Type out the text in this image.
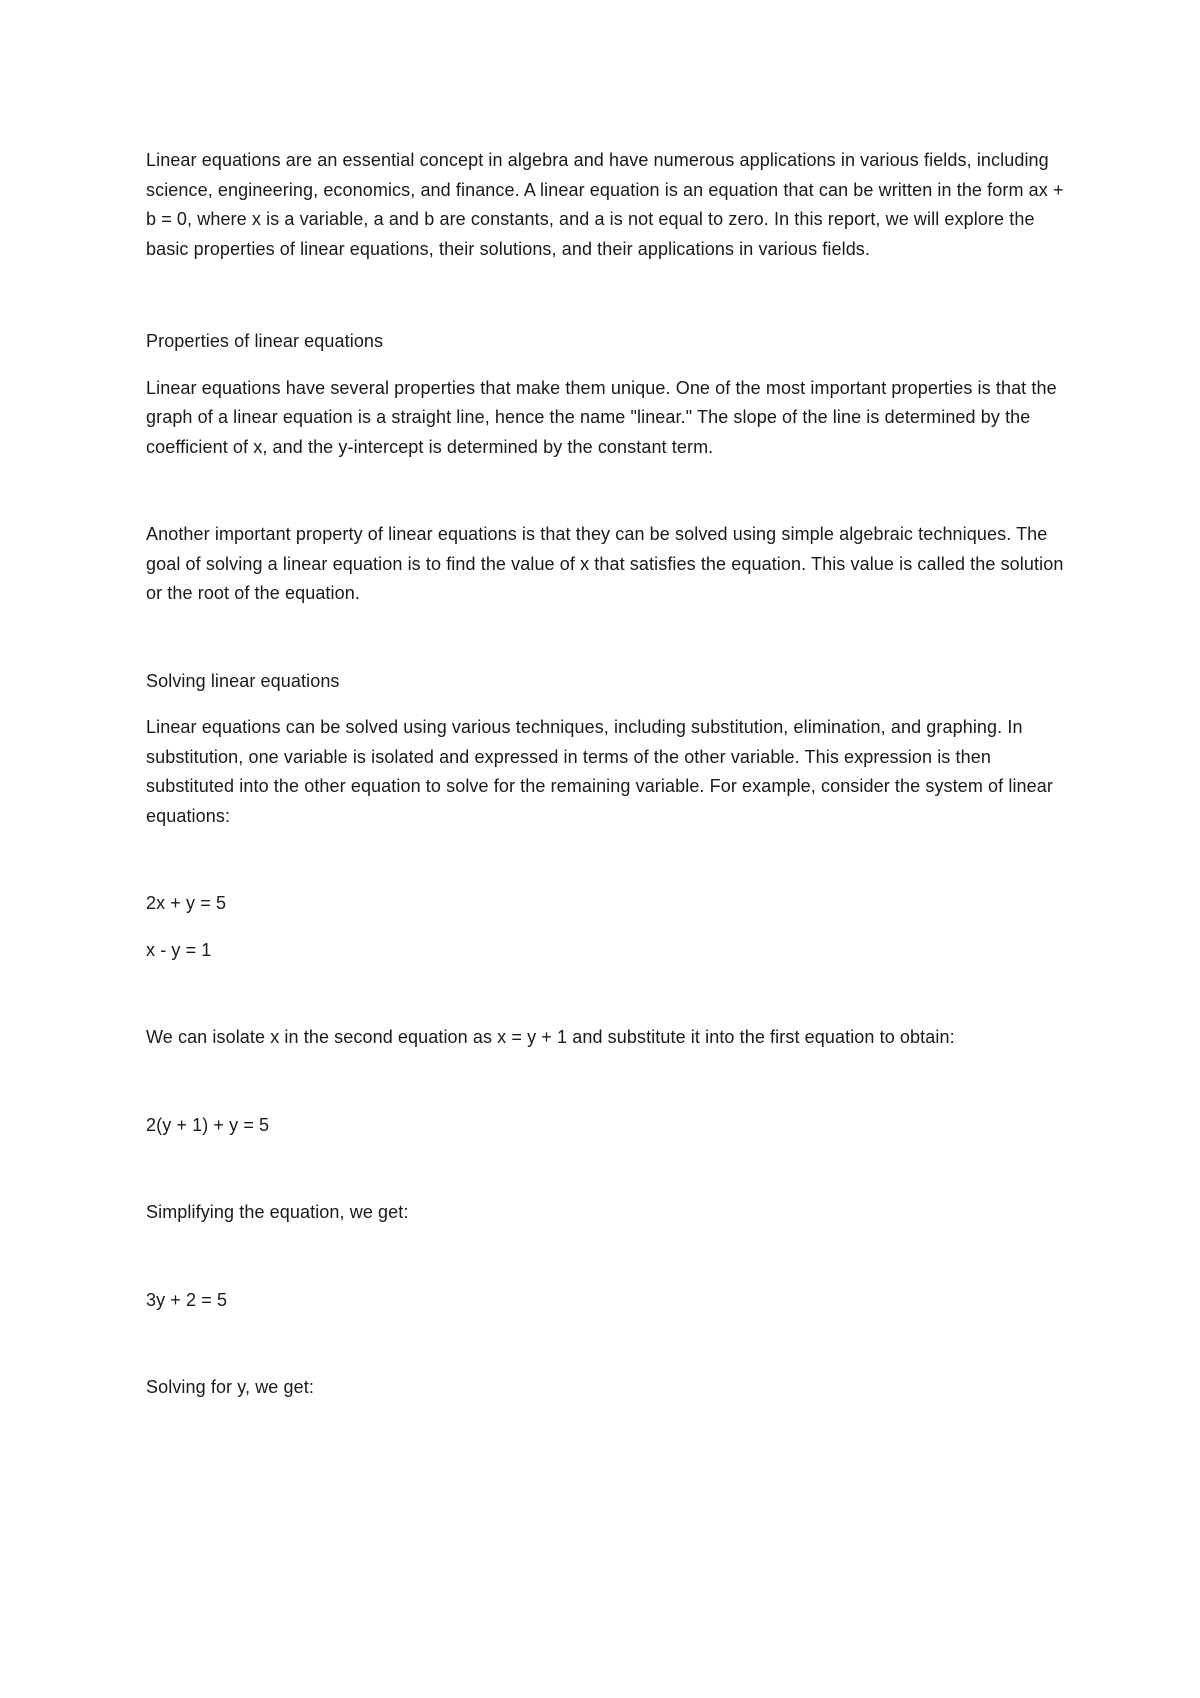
Linear equations are an essential concept in algebra and have numerous applications in various fields, including science, engineering, economics, and finance. A linear equation is an equation that can be written in the form ax + b = 0, where x is a variable, a and b are constants, and a is not equal to zero. In this report, we will explore the basic properties of linear equations, their solutions, and their applications in various fields.

Properties of linear equations

Linear equations have several properties that make them unique. One of the most important properties is that the graph of a linear equation is a straight line, hence the name "linear." The slope of the line is determined by the coefficient of x, and the y-intercept is determined by the constant term.

Another important property of linear equations is that they can be solved using simple algebraic techniques. The goal of solving a linear equation is to find the value of x that satisfies the equation. This value is called the solution or the root of the equation.

Solving linear equations

Linear equations can be solved using various techniques, including substitution, elimination, and graphing. In substitution, one variable is isolated and expressed in terms of the other variable. This expression is then substituted into the other equation to solve for the remaining variable. For example, consider the system of linear equations:

2x + y = 5

x - y = 1

We can isolate x in the second equation as x = y + 1 and substitute it into the first equation to obtain:

2(y + 1) + y = 5

Simplifying the equation, we get:

3y + 2 = 5

Solving for y, we get:
